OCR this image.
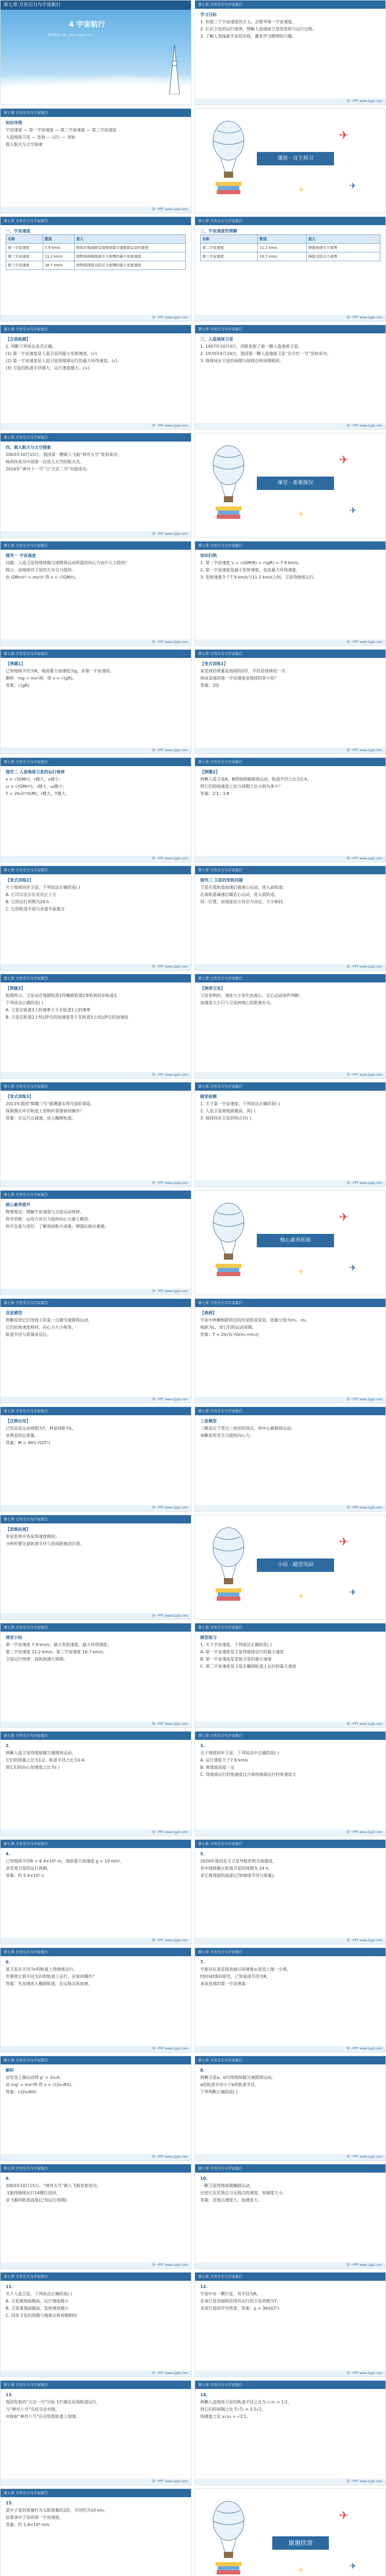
第七章 万有引力与宇宙航行
4 宇宙航行
PPT模板下载：www.1ppt.com
第七章 万有引力与宇宙航行
第一PPT www.1ppt.com
学习目标
1. 知道三个宇宙速度的含义，会推导第一宇宙速度。
2. 认识卫星的运行规律，理解人造地球卫星的发射与运行过程。
3. 了解人类探索宇宙的历程，激发学习物理的兴趣。
第七章 万有引力与宇宙航行
第一PPT www.1ppt.com
知识导图
宇宙速度 — 第一宇宙速度 — 第二宇宙速度 — 第三宇宙速度
人造地球卫星 — 发射 — 运行 — 变轨
载人航天与太空探索
课前 · 自主预习
✈
✈
✈
第七章 万有引力与宇宙航行
第一PPT www.1ppt.com
一、宇宙速度
名称	数值	意义
第一宇宙速度	7.9 km/s	物体在地面附近绕地球做匀速圆周运动的速度
第二宇宙速度	11.2 km/s	使物体挣脱地球引力束缚的最小发射速度
第三宇宙速度	16.7 km/s	使物体挣脱太阳引力束缚的最小发射速度
第七章 万有引力与宇宙航行
第一PPT www.1ppt.com
二、宇宙速度的理解
名称	数值	意义
第二宇宙速度	11.2 km/s	挣脱地球引力束缚
第三宇宙速度	16.7 km/s	挣脱太阳引力束缚
第七章 万有引力与宇宙航行
第一PPT www.1ppt.com
【自我检测】
1. 判断下列说法是否正确。
(1) 第一宇宙速度是人造卫星的最小发射速度。(√)
(2) 第一宇宙速度是人造卫星绕地球运行的最大环绕速度。(√)
(3) 卫星的轨道半径越大，运行速度越大。(×)
第七章 万有引力与宇宙航行
第一PPT www.1ppt.com
三、人造地球卫星
1. 1957年10月4日，苏联发射了第一颗人造地球卫星。
2. 1970年4月24日，我国第一颗人造地球卫星“东方红一号”发射成功。
3. 地球同步卫星的周期与地球自转周期相同。
第七章 万有引力与宇宙航行
第一PPT www.1ppt.com
四、载人航天与太空探索
2003年10月15日，我国第一艘载人飞船“神舟五号”发射成功。
杨利伟成为中国第一位进入太空的航天员。
2016年“神舟十一号”与“天宫二号”对接成功。
课堂 · 重难探究
✈
✈
✈
第七章 万有引力与宇宙航行
第一PPT www.1ppt.com
探究一 宇宙速度
问题：人造卫星绕地球做匀速圆周运动所需的向心力由什么力提供？
提示：由地球对卫星的万有引力提供。
由 GMm/r² = mv²/r 得 v = √(GM/r)。
第七章 万有引力与宇宙航行
第一PPT www.1ppt.com
知识归纳
1. 第一宇宙速度 v = √(GM/R) = √(gR) = 7.9 km/s。
2. 第一宇宙速度是最小发射速度，也是最大环绕速度。
3. 发射速度介于7.9 km/s与11.2 km/s之间，卫星绕地球运行。
第七章 万有引力与宇宙航行
第一PPT www.1ppt.com
【例题1】
已知地球半径为R，地面重力加速度为g，求第一宇宙速度。
解析：mg = mv²/R，得 v = √(gR)。
答案：√(gR)
第七章 万有引力与宇宙航行
第一PPT www.1ppt.com
【变式训练1】
某星球的质量是地球的2倍，半径是地球的一半，
则该星球的第一宇宙速度是地球的多少倍？
答案：2倍
第七章 万有引力与宇宙航行
第一PPT www.1ppt.com
探究二 人造地球卫星的运行规律
v = √(GM/r)，r越大，v越小；
ω = √(GM/r³)，r越大，ω越小；
T = 2π√(r³/GM)，r越大，T越大。
第七章 万有引力与宇宙航行
第一PPT www.1ppt.com
【例题2】
两颗人造卫星A、B绕地球做圆周运动，轨道半径之比为1∶4，
则它们的线速度之比与周期之比分别为多少？
答案：2∶1；1∶8
第七章 万有引力与宇宙航行
第一PPT www.1ppt.com
【变式训练2】
关于地球同步卫星，下列说法正确的是( )
A. 它可以定点在北京正上方
B. 它的运行周期为24 h
C. 它的轨道平面与赤道平面重合
第七章 万有引力与宇宙航行
第一PPT www.1ppt.com
探究三 卫星的变轨问题
卫星在低轨道加速后做离心运动，进入高轨道；
在高轨道减速后做近心运动，进入低轨道。
同一位置，加速度由万有引力决定，大小相同。
第七章 万有引力与宇宙航行
第一PPT www.1ppt.com
【例题3】
如图所示，卫星由近地圆轨道1经椭圆轨道2变轨到同步轨道3，
下列说法正确的是( )
A. 卫星在轨道3上的速率大于在轨道1上的速率
B. 卫星在轨道2上经过P点的加速度等于在轨道3上经过P点的加速度
第七章 万有引力与宇宙航行
第一PPT www.1ppt.com
【规律方法】
卫星变轨时，速度大小变化由离心、近心运动条件判断；
加速度大小只与卫星到地心的距离有关。
第七章 万有引力与宇宙航行
第一PPT www.1ppt.com
【变式训练3】
2013年我国“嫦娥三号”探测器实现月面软着陆，
探测器在环月轨道上变轨时需要如何操作？
答案：在远月点减速，进入椭圆轨道。
第七章 万有引力与宇宙航行
第一PPT www.1ppt.com
随堂检测
1. 关于第一宇宙速度，下列说法正确的是( )
2. 人造卫星离地面越高，其( )
3. 地球同步卫星的特点有( )
第七章 万有引力与宇宙航行
第一PPT www.1ppt.com
核心素养提升
物理观念：理解宇宙速度与卫星运动规律。
科学思维：运用万有引力提供向心力建立模型。
科学态度与责任：了解我国航天成就，增强民族自豪感。
核心素养拓展
✈
✈
✈
第七章 万有引力与宇宙航行
第一PPT www.1ppt.com
双星模型
两颗星绕它们连线上的某一点做匀速圆周运动，
它们的角速度相同，向心力大小相等，
轨道半径与质量成反比。
第七章 万有引力与宇宙航行
第一PPT www.1ppt.com
【典例】
宇宙中两颗相距较近的恒星组成双星，质量分别为m₁、m₂，
相距为L，求它们的运动周期。
答案：T = 2π√(L³/G(m₁+m₂))
第七章 万有引力与宇宙航行
第一PPT www.1ppt.com
【迁移应用】
已知双星运动周期为T，两星间距为L，
求两星的总质量。
答案：M = 4π²L³/(GT²)
第七章 万有引力与宇宙航行
第一PPT www.1ppt.com
三星模型
三颗星位于等边三角形的顶点，绕中心做圆周运动；
每颗星所受合力提供向心力。
第七章 万有引力与宇宙航行
第一PPT www.1ppt.com
【思维拓展】
多星系统中各星角速度相同；
分析时要注意轨道半径与星间距离的区别。
小结 · 随堂巩固
✈
✈
✈
第七章 万有引力与宇宙航行
第一PPT www.1ppt.com
课堂小结
第一宇宙速度 7.9 km/s：最小发射速度、最大环绕速度；
第二宇宙速度 11.2 km/s；第三宇宙速度 16.7 km/s；
卫星运行规律：高轨低速大周期。
第七章 万有引力与宇宙航行
第一PPT www.1ppt.com
随堂练习
1. 关于宇宙速度，下列说法正确的是( )
A. 第一宇宙速度是卫星绕地球运行的最小速度
B. 第一宇宙速度是发射卫星的最小速度
C. 第二宇宙速度是卫星在椭圆轨道上运行的最大速度
第七章 万有引力与宇宙航行
第一PPT www.1ppt.com
2.
两颗人造卫星绕地球做匀速圆周运动，
它们的质量之比为1∶2，轨道半径之比为1∶4，
则它们的向心加速度之比为( )
第七章 万有引力与宇宙航行
第一PPT www.1ppt.com
3.
关于地球同步卫星，下列说法中正确的是( )
A. 运行速度大于7.9 km/s
B. 离地面高度一定
C. 绕地球运行的角速度比月球绕地球运行的角速度大
第七章 万有引力与宇宙航行
第一PPT www.1ppt.com
4.
已知地球半径R = 6.4×10⁶ m，地面重力加速度 g = 10 m/s²，
求近地卫星的运行周期。
答案：约 5.0×10³ s
第七章 万有引力与宇宙航行
第一PPT www.1ppt.com
5.
2020年我国北斗卫星导航系统全面建成，
其中地球静止轨道卫星的周期为 24 h，
求它离地面的高度(已知地球半径与质量)。
第七章 万有引力与宇宙航行
第一PPT www.1ppt.com
6.
某卫星在半径为r的轨道上绕地球运行，
若要使它到半径为2r的轨道上运行，应如何操作？
答案：先加速进入椭圆轨道，在远地点再加速。
第七章 万有引力与宇宙航行
第一PPT www.1ppt.com
7.
宇航员在某星球表面以初速度v₀竖直上抛一小球，
经时间t落回原处，已知星球半径为R，
求该星球的第一宇宙速度。
第七章 万有引力与宇宙航行
第一PPT www.1ppt.com
解析
由竖直上抛运动得 g' = 2v₀/t，
由 mg' = mv²/R 得 v = √(2v₀R/t)。
答案：√(2v₀R/t)
第七章 万有引力与宇宙航行
第一PPT www.1ppt.com
8.
两颗卫星a、b均绕地球做匀速圆周运动，
a的轨道半径小于b的轨道半径，
下列判断正确的是( )
第七章 万有引力与宇宙航行
第一PPT www.1ppt.com
9.
2003年10月15日，“神舟五号”载人飞船发射成功，
飞船绕地球运行14圈后返回，
求飞船的轨道高度(已知运行周期)。
第七章 万有引力与宇宙航行
第一PPT www.1ppt.com
10.
一颗卫星绕地球做椭圆运动，
比较它在近地点与远地点的速度、加速度大小。
答案：近地点速度大、加速度大。
第七章 万有引力与宇宙航行
第一PPT www.1ppt.com
11.
关于人造卫星，下列说法正确的是( )
A. 卫星离地面越高，运行速度越小
B. 卫星离地面越高，发射速度越小
C. 同步卫星的周期与地球自转周期相同
第七章 万有引力与宇宙航行
第一PPT www.1ppt.com
12.
宇宙中有一颗行星，其半径为R，
在该行星表面附近绕其运行的卫星周期为T，
求该行星的平均密度。答案：ρ = 3π/(GT²)
第七章 万有引力与宇宙航行
第一PPT www.1ppt.com
13.
我国发射的“天宫一号”目标飞行器在近地轨道运行，
与“神舟八号”完成交会对接，
对接前“神舟八号”应在较低轨道上加速。
第七章 万有引力与宇宙航行
第一PPT www.1ppt.com
14.
两颗人造地球卫星的轨道半径之比为 r₁∶r₂ = 1∶2，
则它们的周期之比 T₁∶T₂ = 1∶2√2，
线速度之比 v₁∶v₂ = √2∶1。
第七章 万有引力与宇宙航行
15.
某中子星的质量约为太阳质量的2倍，半径约为10 km，
估算该中子星的第一宇宙速度。
答案：约 1.6×10⁸ m/s
谢谢欣赏
✈
✈
✈
